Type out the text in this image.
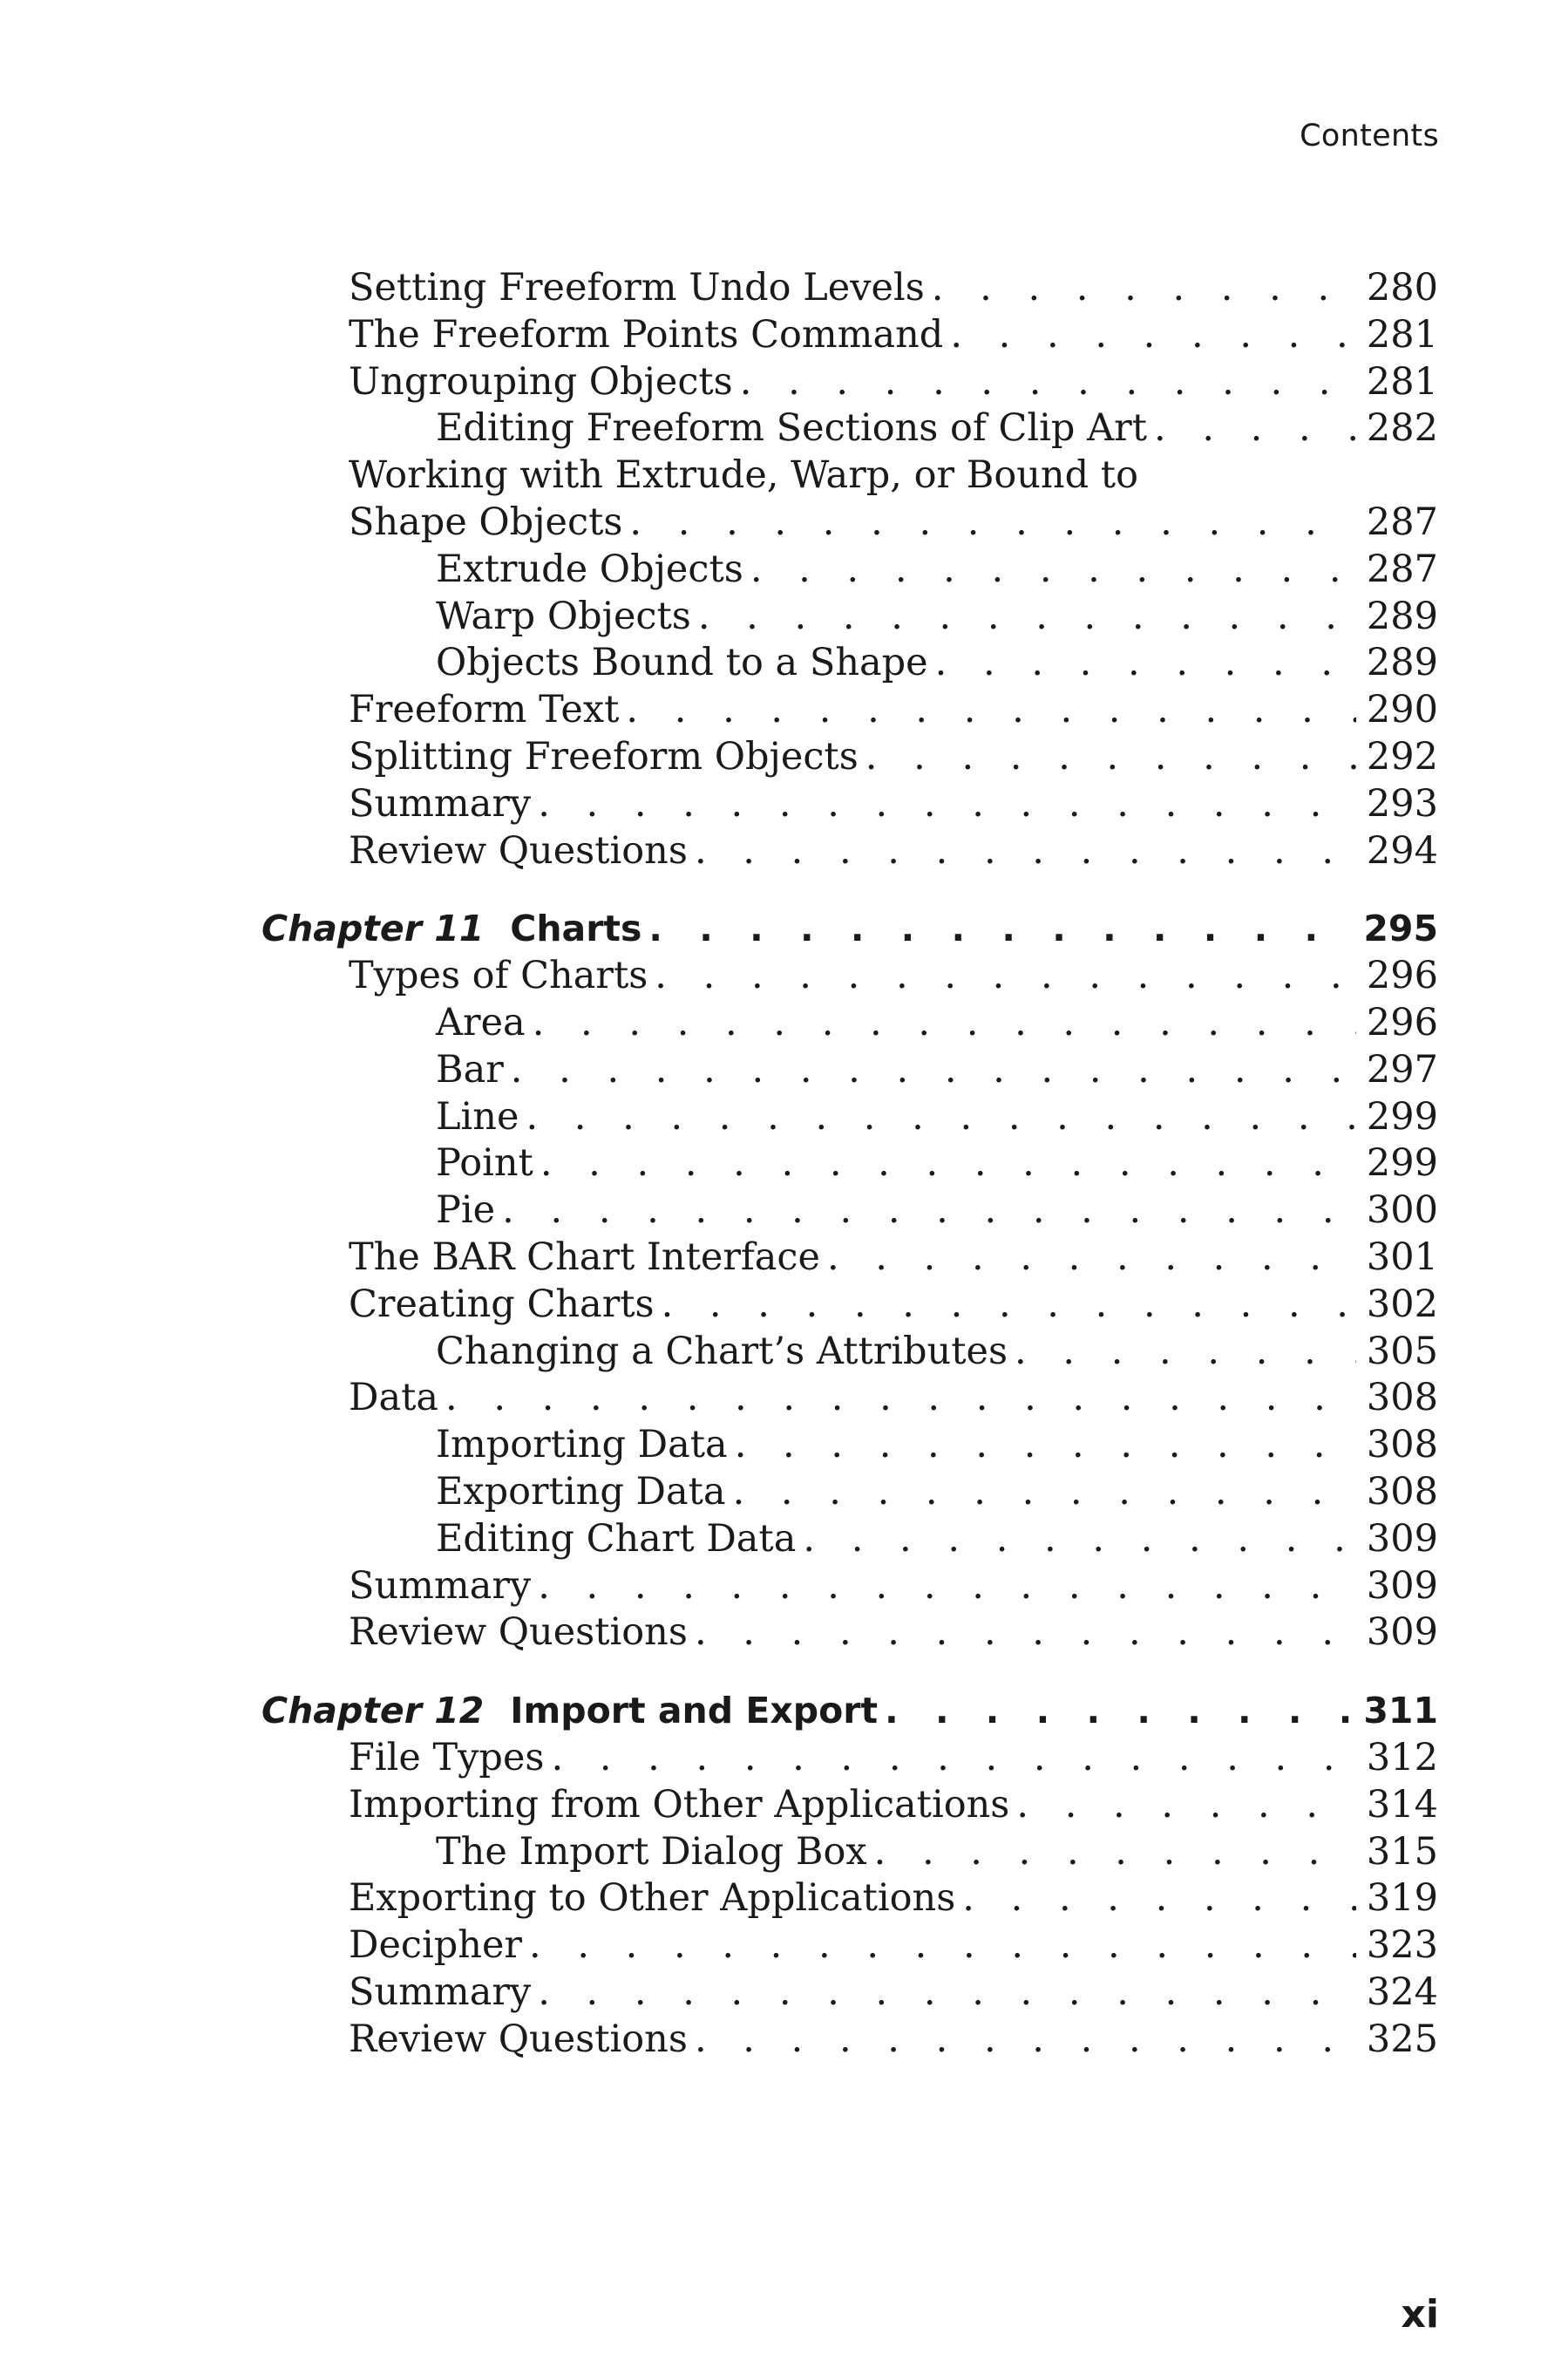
Contents
Setting Freeform Undo Levels . . .	280
The Freeform Points Command . . .	281
Ungrouping Objects . . .	281
Editing Freeform Sections of Clip Art . . .	282
Working with Extrude, Warp, or Bound to
Shape Objects . . .	287
Extrude Objects . . .	287
Warp Objects . . .	289
Objects Bound to a Shape . . .	289
Freeform Text . . .	290
Splitting Freeform Objects . . .	292
Summary . . .	293
Review Questions . . .	294
Chapter 11 Charts . . .	295
Types of Charts . . .	296
Area . . .	296
Bar . . .	297
Line . . .	299
Point . . .	299
Pie . . .	300
The BAR Chart Interface . . .	301
Creating Charts . . .	302
Changing a Chart’s Attributes . . .	305
Data . . .	308
Importing Data . . .	308
Exporting Data . . .	308
Editing Chart Data . . .	309
Summary . . .	309
Review Questions . . .	309
Chapter 12 Import and Export . . .	311
File Types . . .	312
Importing from Other Applications . . .	314
The Import Dialog Box . . .	315
Exporting to Other Applications . . .	319
Decipher . . .	323
Summary . . .	324
Review Questions . . .	325
xi
